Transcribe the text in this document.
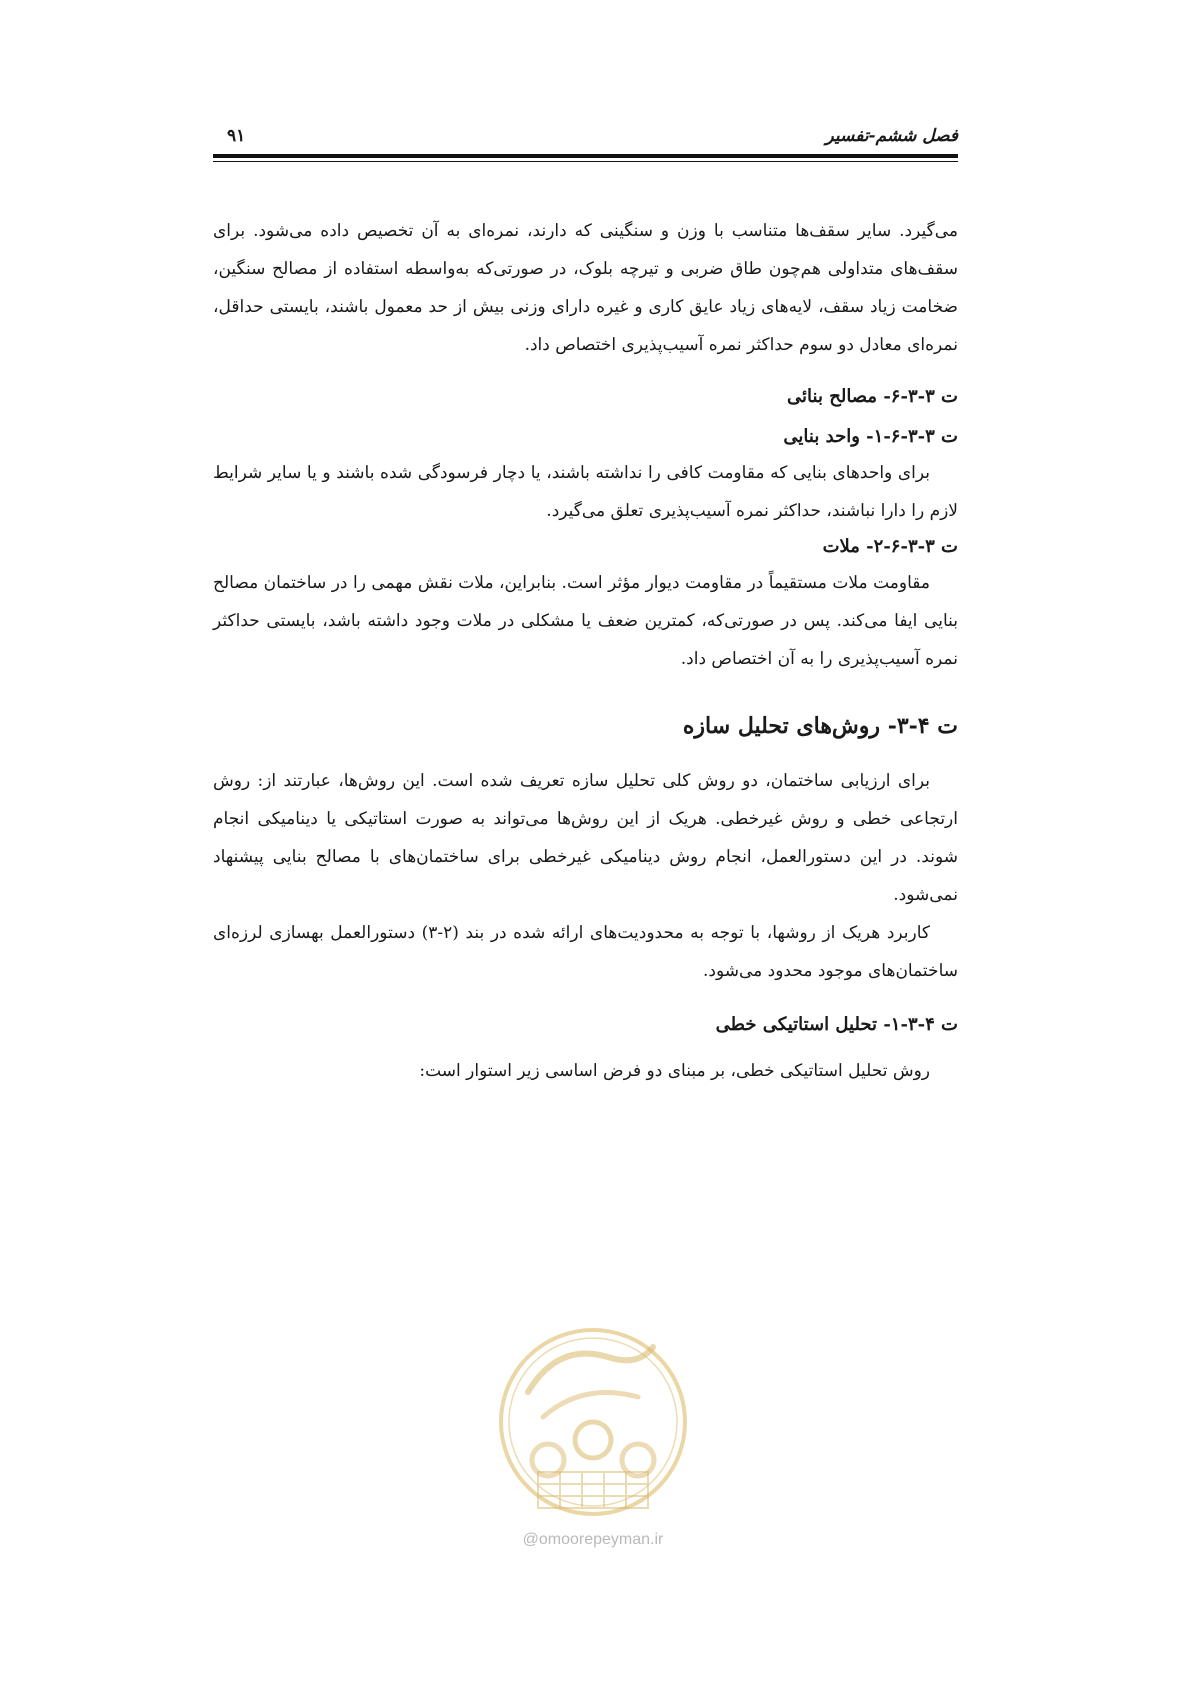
فصل ششم-تفسیر
۹۱

می‌گیرد. سایر سقف‌ها متناسب با وزن و سنگینی که دارند، نمره‌ای به آن تخصیص داده می‌شود. برای سقف‌های متداولی هم‌چون طاق ضربی و تیرچه بلوک، در صورتی‌که به‌واسطه استفاده از مصالح سنگین، ضخامت زیاد سقف، لایه‌های زیاد عایق کاری و غیره دارای وزنی بیش از حد معمول باشند، بایستی حداقل، نمره‌ای معادل دو سوم حداکثر نمره آسیب‌پذیری اختصاص داد.

ت ۳-۳-۶- مصالح بنائی

ت ۳-۳-۶-۱- واحد بنایی

برای واحدهای بنایی که مقاومت کافی را نداشته باشند، یا دچار فرسودگی شده باشند و یا سایر شرایط لازم را دارا نباشند، حداکثر نمره آسیب‌پذیری تعلق می‌گیرد.

ت ۳-۳-۶-۲- ملات

مقاومت ملات مستقیماً در مقاومت دیوار مؤثر است. بنابراین، ملات نقش مهمی را در ساختمان مصالح بنایی ایفا می‌کند. پس در صورتی‌که، کمترین ضعف یا مشکلی در ملات وجود داشته باشد، بایستی حداکثر نمره آسیب‌پذیری را به آن اختصاص داد.

ت ۴-۳- روش‌های تحلیل سازه

برای ارزیابی ساختمان، دو روش کلی تحلیل سازه تعریف شده است. این روش‌ها، عبارتند از: روش ارتجاعی خطی و روش غیرخطی. هریک از این روش‌ها می‌تواند به صورت استاتیکی یا دینامیکی انجام شوند. در این دستورالعمل، انجام روش دینامیکی غیرخطی برای ساختمان‌های با مصالح بنایی پیشنهاد نمی‌شود.

کاربرد هریک از روشها، با توجه به محدودیت‌های ارائه شده در بند (۲-۳) دستورالعمل بهسازی لرزه‌ای ساختمان‌های موجود محدود می‌شود.

ت ۴-۳-۱- تحلیل استاتیکی خطی

روش تحلیل استاتیکی خطی، بر مبنای دو فرض اساسی زیر استوار است:

@omoorepeyman.ir
